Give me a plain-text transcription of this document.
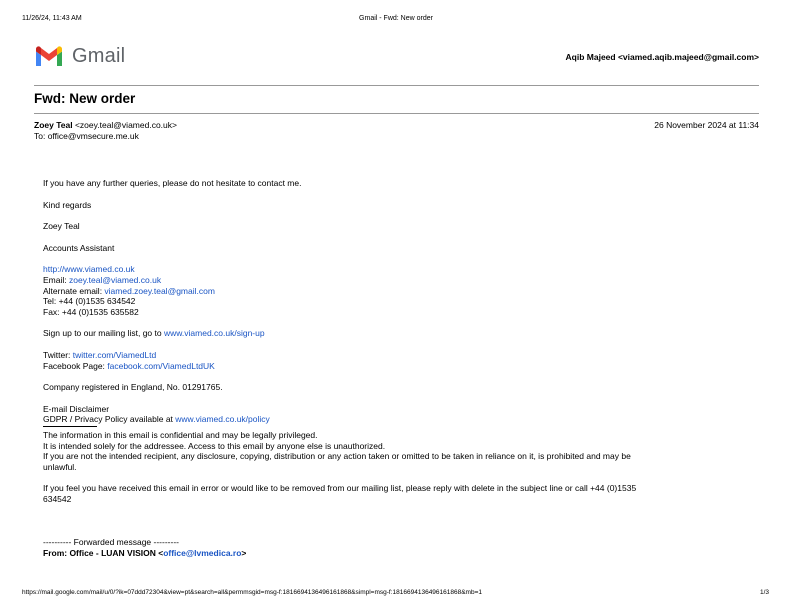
11/26/24, 11:43 AM	Gmail - Fwd: New order
Gmail	Aqib Majeed <viamed.aqib.majeed@gmail.com>
Fwd: New order
Zoey Teal <zoey.teal@viamed.co.uk>	26 November 2024 at 11:34
To: office@vmsecure.me.uk

If you have any further queries, please do not hesitate to contact me.

Kind regards

Zoey Teal

Accounts Assistant

http://www.viamed.co.uk
Email: zoey.teal@viamed.co.uk
Alternate email: viamed.zoey.teal@gmail.com
Tel: +44 (0)1535 634542
Fax: +44 (0)1535 635582

Sign up to our mailing list, go to www.viamed.co.uk/sign-up

Twitter: twitter.com/ViamedLtd
Facebook Page: facebook.com/ViamedLtdUK

Company registered in England, No. 01291765.

E-mail Disclaimer
GDPR / Privacy Policy available at www.viamed.co.uk/policy
The information in this email is confidential and may be legally privileged.
It is intended solely for the addressee. Access to this email by anyone else is unauthorized.
If you are not the intended recipient, any disclosure, copying, distribution or any action taken or omitted to be taken in reliance on it, is prohibited and may be
unlawful.

If you feel you have received this email in error or would like to be removed from our mailing list, please reply with delete in the subject line or call +44 (0)1535
634542

---------- Forwarded message ---------
From: Office - LUAN VISION <office@lvmedica.ro>
https://mail.google.com/mail/u/0/?ik=07ddd72304&view=pt&search=all&permmsgid=msg-f:1816694136496161868&simpl=msg-f:1816694136496161868&mb=1	1/3
